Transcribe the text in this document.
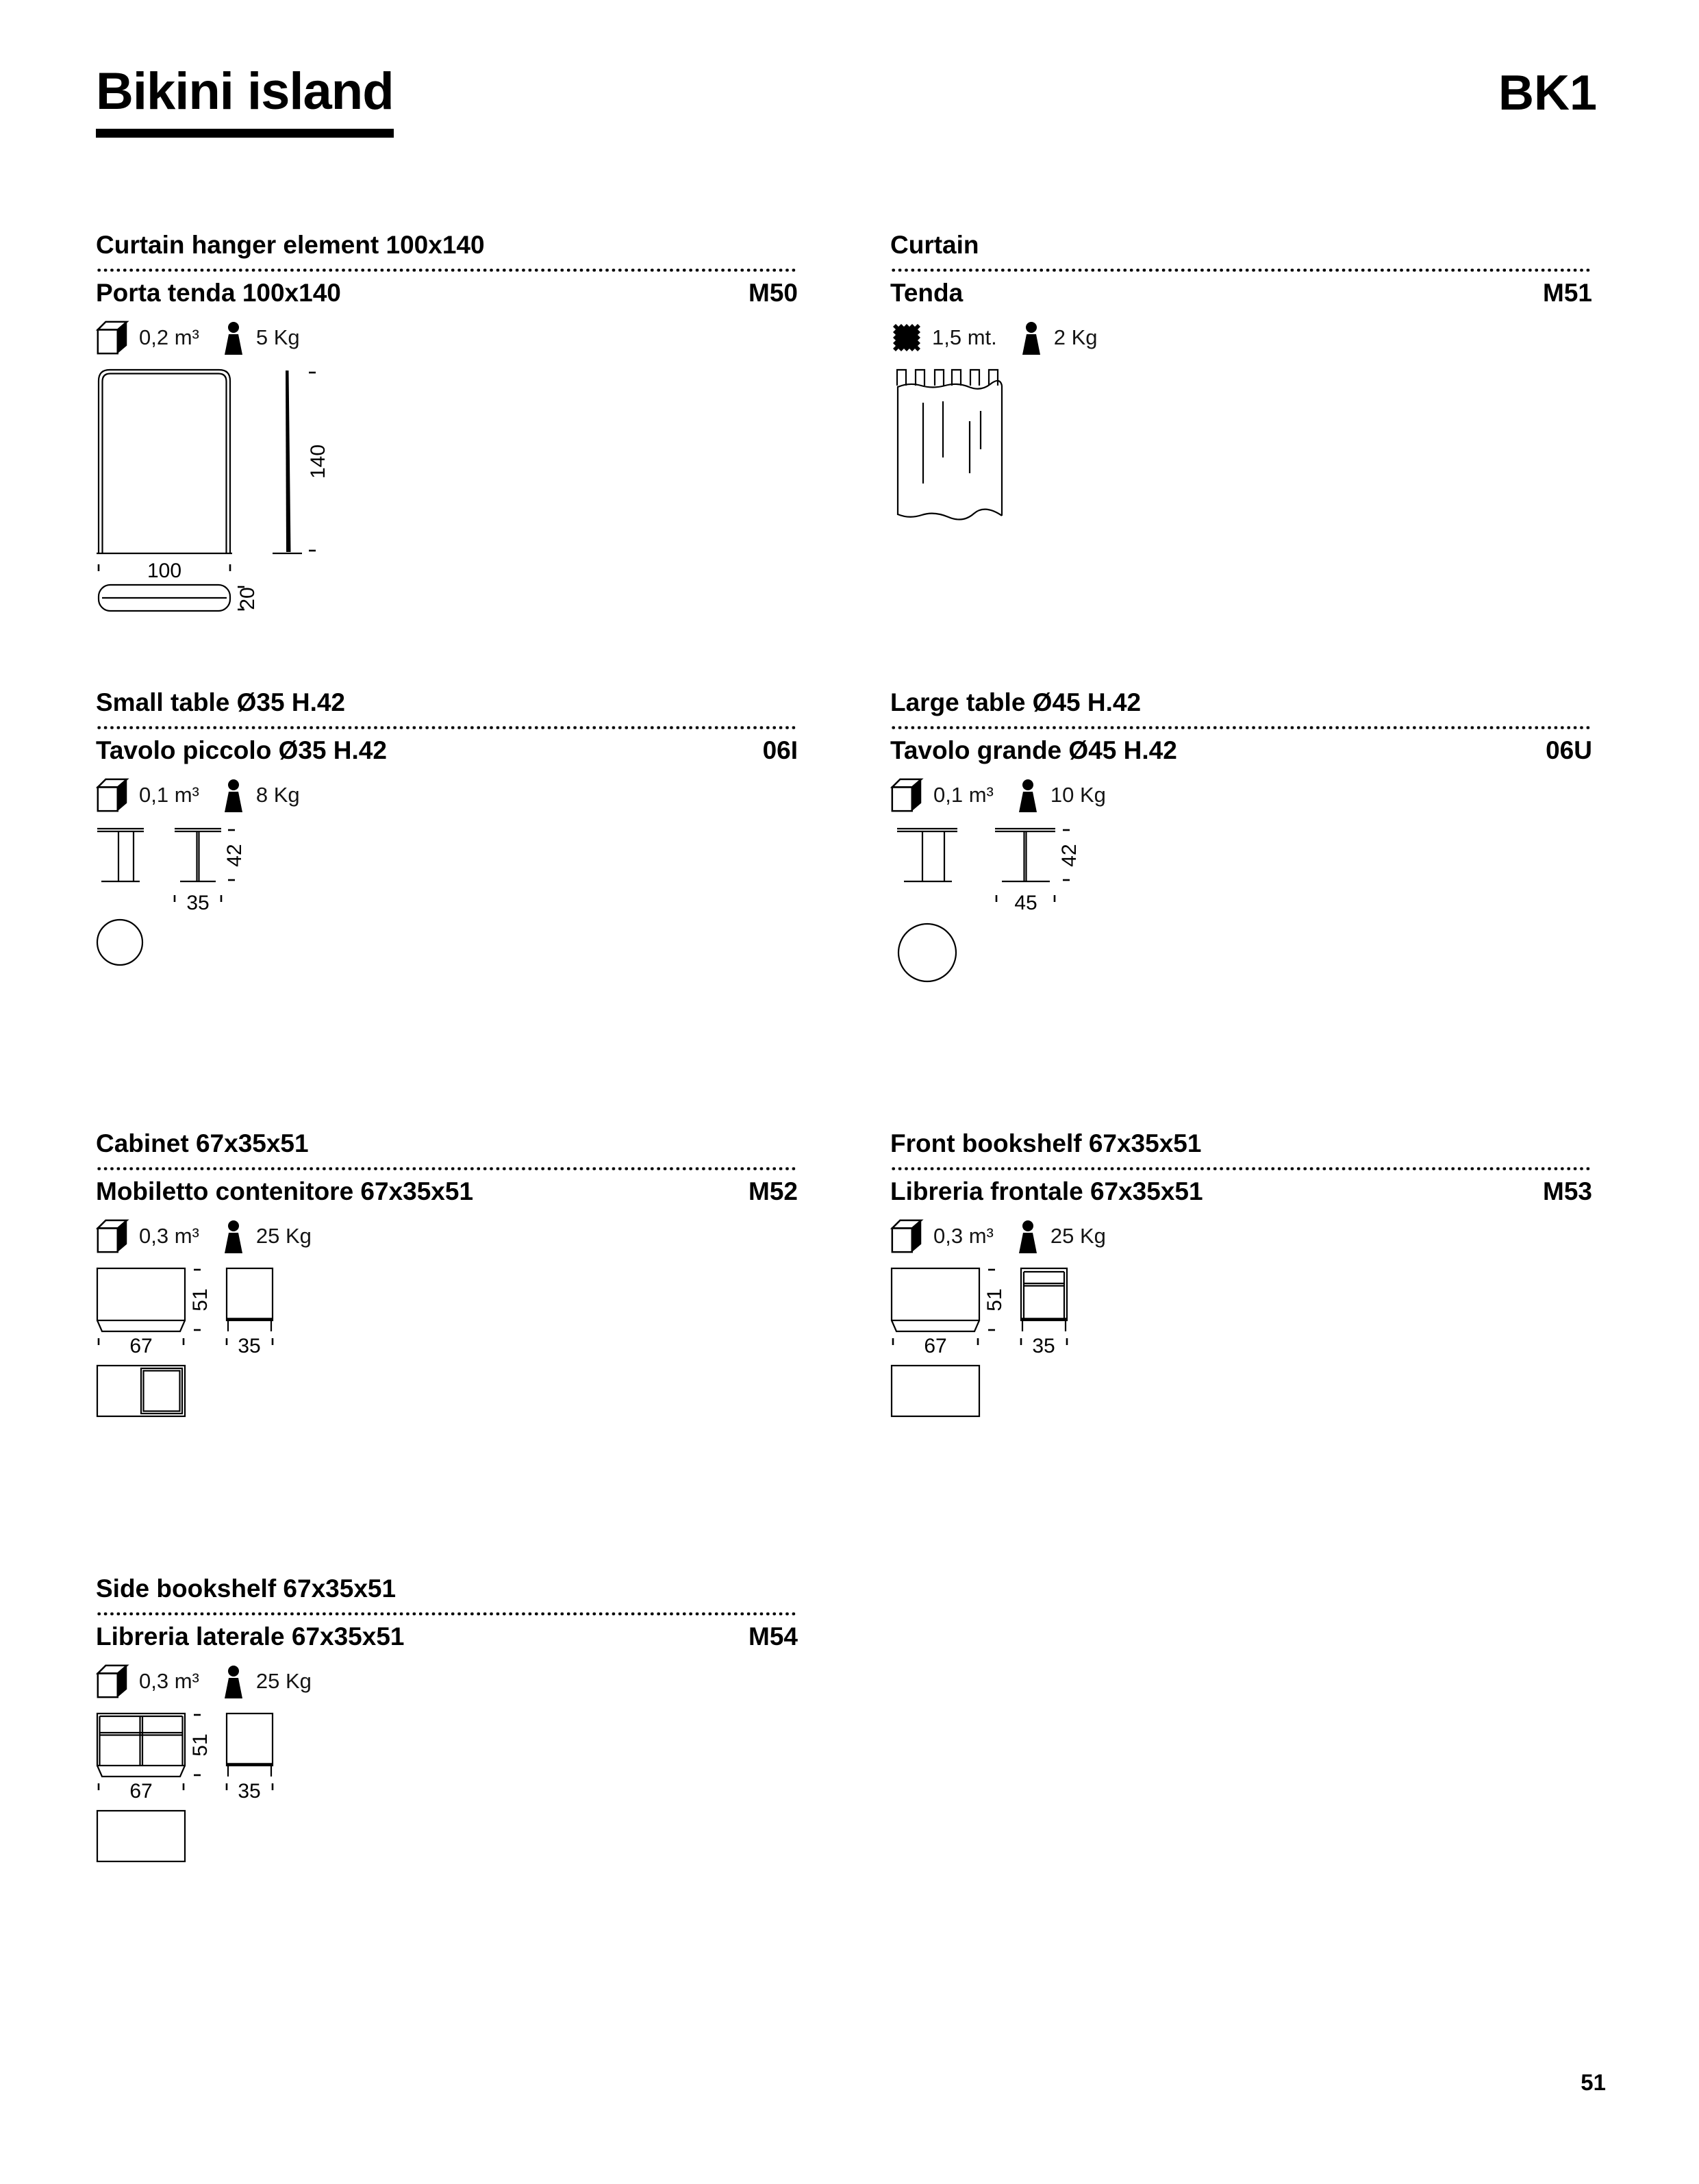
Bikini island	BK1
Curtain hanger element 100x140
Porta tenda 100x140	M50
0,2 m³	5 Kg
100
20
140
Curtain
Tenda	M51
1,5 mt.	2 Kg
Small table Ø35 H.42
Tavolo piccolo Ø35 H.42	06I
0,1 m³	8 Kg
42
35
Large table Ø45 H.42
Tavolo grande Ø45 H.42	06U
0,1 m³	10 Kg
42
45
Cabinet 67x35x51
Mobiletto contenitore 67x35x51	M52
0,3 m³	25 Kg
51
67	35
Front bookshelf 67x35x51
Libreria frontale 67x35x51	M53
0,3 m³	25 Kg
51
67	35
Side bookshelf 67x35x51
Libreria laterale 67x35x51	M54
0,3 m³	25 Kg
51
67	35
51
